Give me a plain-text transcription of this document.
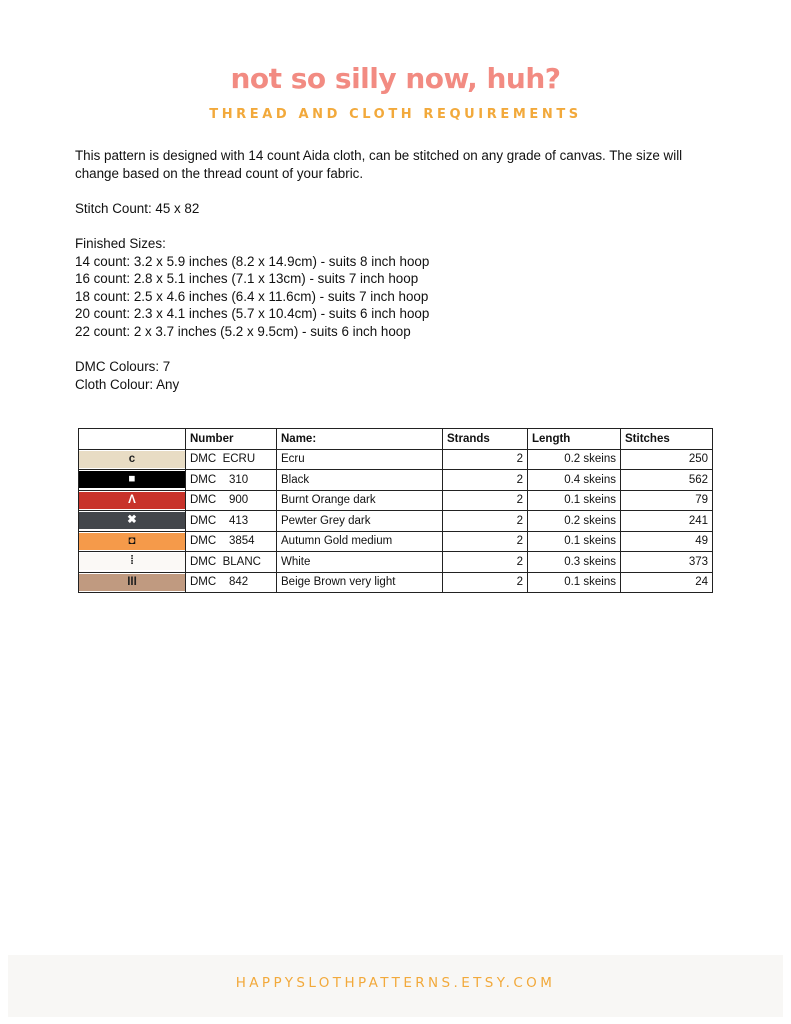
not so silly now, huh?
THREAD AND CLOTH REQUIREMENTS

This pattern is designed with 14 count Aida cloth, can be stitched on any grade of canvas. The size will change based on the thread count of your fabric.

Stitch Count: 45 x 82

Finished Sizes:
14 count: 3.2 x 5.9 inches (8.2 x 14.9cm) - suits 8 inch hoop
16 count: 2.8 x 5.1 inches (7.1 x 13cm) - suits 7 inch hoop
18 count: 2.5 x 4.6 inches (6.4 x 11.6cm) - suits 7 inch hoop
20 count: 2.3 x 4.1 inches (5.7 x 10.4cm) - suits 6 inch hoop
22 count: 2 x 3.7 inches (5.2 x 9.5cm) - suits 6 inch hoop

DMC Colours: 7
Cloth Colour: Any

	Number	Name:	Strands	Length	Stitches

c	DMC  ECRU	Ecru	2	0.2 skeins	250

■	DMC    310	Black	2	0.4 skeins	562

Λ	DMC    900	Burnt Orange dark	2	0.1 skeins	79

✖	DMC    413	Pewter Grey dark	2	0.2 skeins	241

◘	DMC    3854	Autumn Gold medium	2	0.1 skeins	49

⁞	DMC  BLANC	White	2	0.3 skeins	373

III	DMC    842	Beige Brown very light	2	0.1 skeins	24
HAPPYSLOTHPATTERNS.ETSY.COM
